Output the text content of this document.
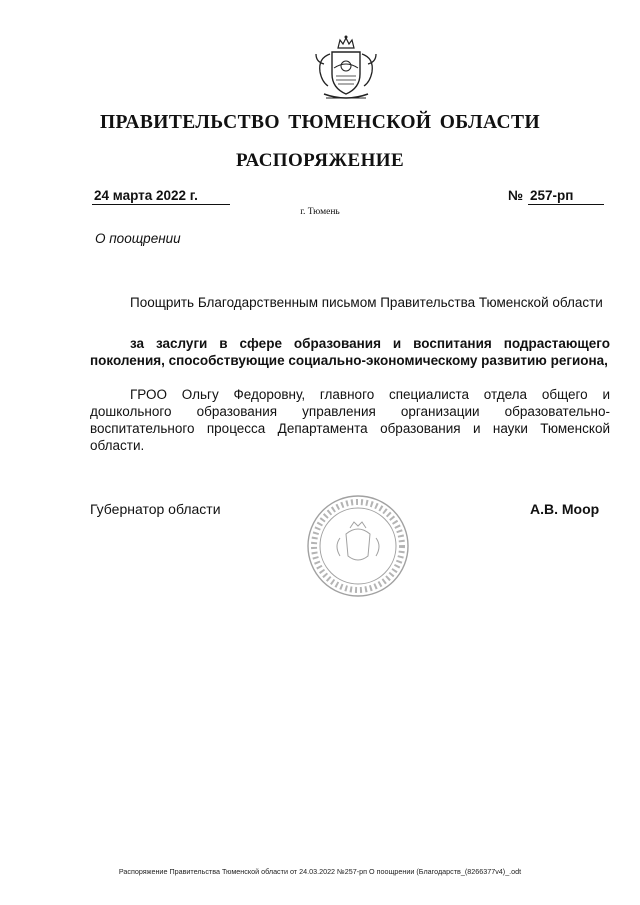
ПРАВИТЕЛЬСТВО ТЮМЕНСКОЙ ОБЛАСТИ
РАСПОРЯЖЕНИЕ
24 марта 2022 г.	№ 257-рп
г. Тюмень
О поощрении
Поощрить Благодарственным письмом Правительства Тюменской области
за заслуги в сфере образования и воспитания подрастающего поколения, способствующие социально-экономическому развитию региона,
ГРОО Ольгу Федоровну, главного специалиста отдела общего и дошкольного образования управления организации образовательно-воспитательного процесса Департамента образования и науки Тюменской области.
Губернатор области	А.В. Моор
Распоряжение Правительства Тюменской области от 24.03.2022 №257-рп О поощрении (Благодарств_(8266377v4)_.odt
